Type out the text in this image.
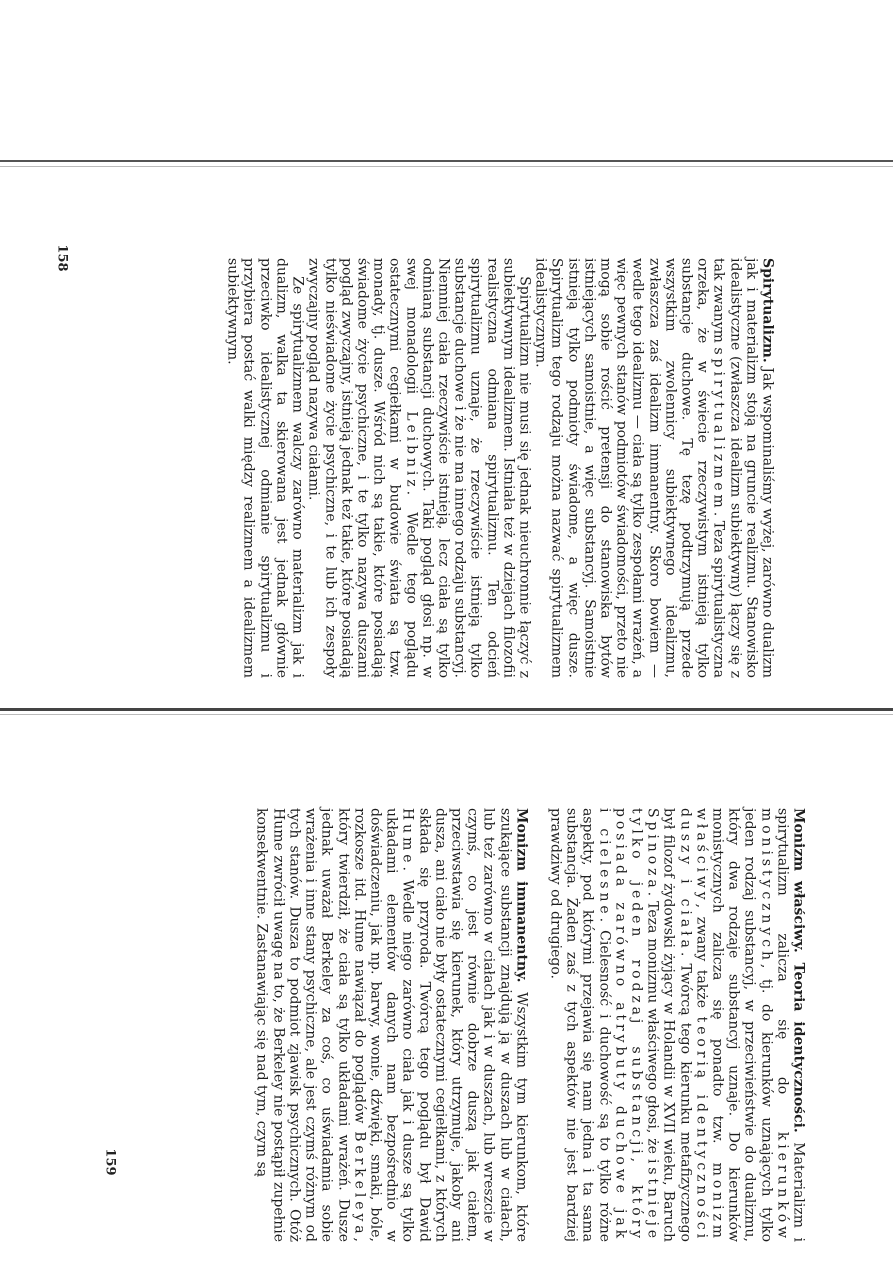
Spirytualizm. Jak wspominaliśmy wyżej, zarówno dualizm jak i materializm stoją na gruncie realizmu. Stanowisko idealistyczne (zwłaszcza idealizm subiektywny) łączy się z tak zwanym spirytualizmem. Teza spirytualistyczna orzeka, że w świecie rzeczywistym istnieją tylko substancje duchowe. Tę tezę podtrzymują przede wszystkim zwolennicy subiektywnego idealizmu, zwłaszcza zaś idealizm immanentny. Skoro bowiem — wedle tego idealizmu — ciała są tylko zespołami wrażeń, a więc pewnych stanów podmiotów świadomości, przeto nie mogą sobie rościć pretensji do stanowiska bytów istniejących samoistnie, a więc substancyj. Samoistnie istnieją tylko podmioty świadome, a więc dusze. Spirytualizm tego rodzaju można nazwać spirytualizmem idealistycznym.

Spirytualizm nie musi się jednak nieuchronnie łączyć z subiektywnym idealizmem. Istniała też w dziejach filozofii realistyczna odmiana spirytualizmu. Ten odcień spirytualizmu uznaje, że rzeczywiście istnieją tylko substancje duchowe i że nie ma innego rodzaju substancyj. Niemniej ciała rzeczywiście istnieją, lecz ciała są tylko odmianą substancji duchowych. Taki pogląd głosi np. w swej monadologii Leibniz. Wedle tego poglądu ostatecznymi cegiełkami w budowie świata są tzw. monady, tj. dusze. Wśród nich są takie, które posiadają świadome życie psychiczne, i te tylko nazywa duszami pogląd zwyczajny, istnieją jednak też takie, które posiadają tylko nieświadome życie psychiczne, i te lub ich zespoły zwyczajny pogląd nazywa ciałami.

Ze spirytualizmem walczy zarówno materializm jak i dualizm, walka ta skierowana jest jednak głównie przeciwko idealistycznej odmianie spirytualizmu i przybiera postać walki między realizmem a idealizmem subiektywnym.

158

Monizm właściwy. Teoria identyczności. Materializm i spirytualizm zalicza się do kierunków monistycznych, tj. do kierunków uznających tylko jeden rodzaj substancyj, w przeciwieństwie do dualizmu, który dwa rodzaje substancyj uznaje. Do kierunków monistycznych zalicza się ponadto tzw. monizm właściwy, zwany także teorią identyczności duszy i ciała. Twórcą tego kierunku metafizycznego był filozof żydowski żyjący w Holandii w XVII wieku, Baruch Spinoza. Teza monizmu właściwego głosi, że istnieje tylko jeden rodzaj substancji, który posiada zarówno atrybuty duchowe jak i cielesne. Cielesność i duchowość są to tylko różne aspekty, pod którymi przejawia się nam jedna i ta sama substancja. Żaden zaś z tych aspektów nie jest bardziej prawdziwy od drugiego.

Monizm immanentny. Wszystkim tym kierunkom, które szukające substancji znajdują ją w duszach lub w ciałach, lub też zarówno w ciałach jak i w duszach, lub wreszcie w czymś, co jest równie dobrze duszą jak ciałem, przeciwstawia się kierunek, który utrzymuje, jakoby ani dusza, ani ciało nie były ostatecznymi cegiełkami, z których składa się przyroda. Twórcą tego poglądu był Dawid Hume. Wedle niego zarówno ciała jak i dusze są tylko układami elementów danych nam bezpośrednio w doświadczeniu, jak np. barwy, wonie, dźwięki, smaki, bóle, rozkosze itd. Hume nawiązał do poglądów Berkeleya, który twierdził, że ciała są tylko układami wrażeń. Dusze jednak uważał Berkeley za coś, co uświadamia sobie wrażenia i inne stany psychiczne, ale jest czymś różnym od tych stanów. Dusza to podmiot zjawisk psychicznych. Otóż Hume zwrócił uwagę na to, że Berkeley nie postąpił zupełnie konsekwentnie. Zastanawiając się nad tym, czym są

159
